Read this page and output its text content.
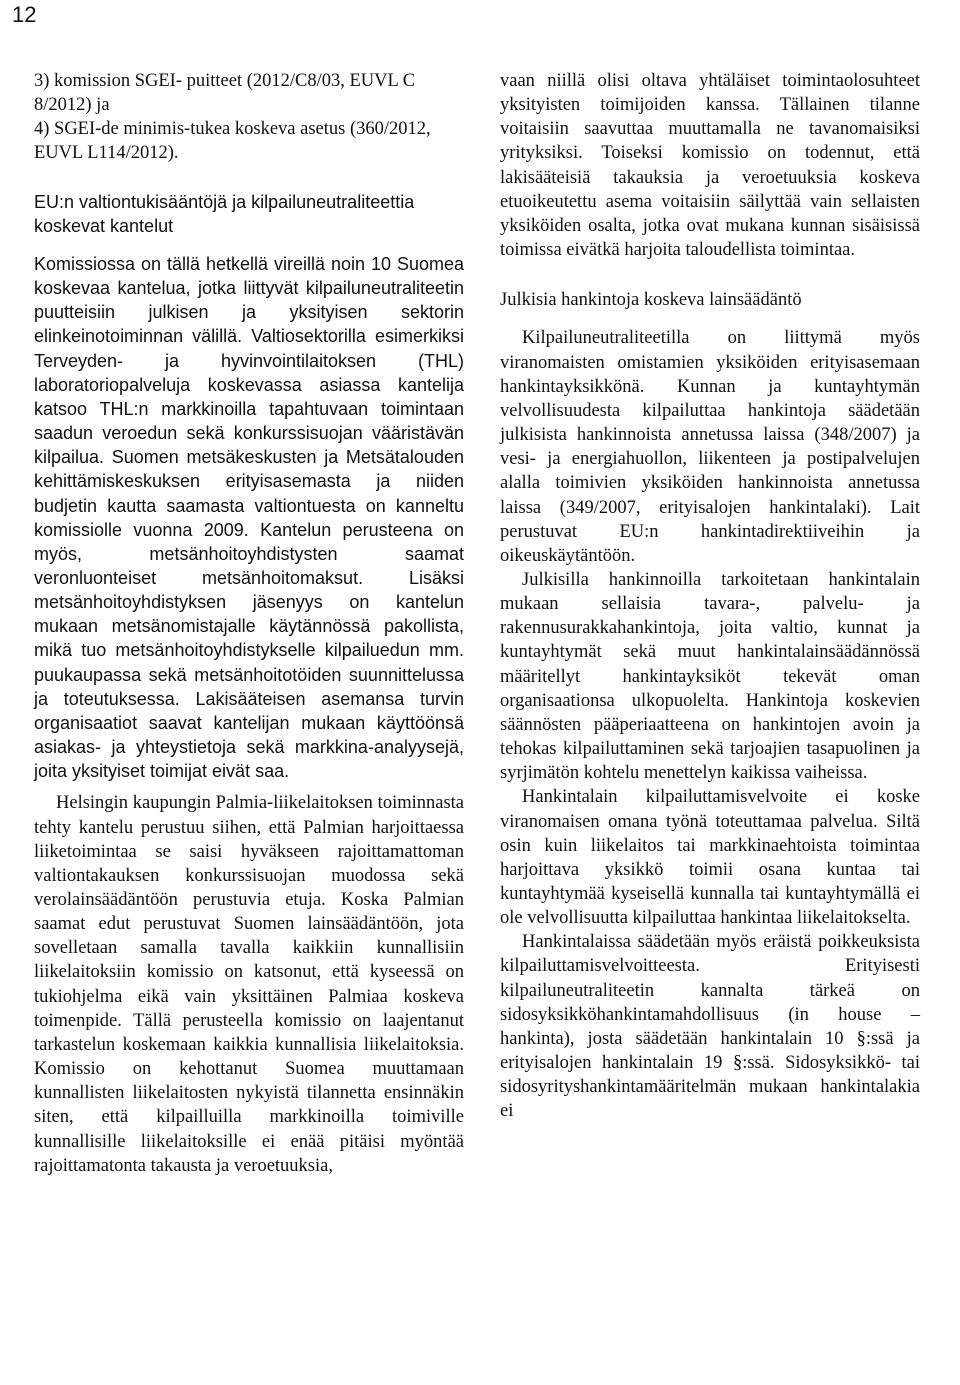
12

3) komission SGEI- puitteet (2012/C8/03, EUVL C 8/2012) ja

4) SGEI-de minimis-tukea koskeva asetus (360/2012, EUVL L114/2012).

EU:n valtiontukisääntöjä ja kilpailuneutraliteettia koskevat kantelut

Komissiossa on tällä hetkellä vireillä noin 10 Suomea koskevaa kantelua, jotka liittyvät kilpailuneutraliteetin puutteisiin julkisen ja yksityisen sektorin elinkeinotoiminnan välillä. Valtiosektorilla esimerkiksi Terveyden- ja hyvinvointilaitoksen (THL) laboratoriopalveluja koskevassa asiassa kantelija katsoo THL:n markkinoilla tapahtuvaan toimintaan saadun veroedun sekä konkurssisuojan vääristävän kilpailua. Suomen metsäkeskusten ja Metsätalouden kehittämiskeskuksen erityisasemasta ja niiden budjetin kautta saamasta valtiontuesta on kanneltu komissiolle vuonna 2009. Kantelun perusteena on myös, metsänhoitoyhdistysten saamat veronluonteiset metsänhoitomaksut. Lisäksi metsänhoitoyhdistyksen jäsenyys on kantelun mukaan metsänomistajalle käytännössä pakollista, mikä tuo metsänhoitoyhdistykselle kilpailuedun mm. puukaupassa sekä metsänhoitotöiden suunnittelussa ja toteutuksessa. Lakisääteisen asemansa turvin organisaatiot saavat kantelijan mukaan käyttöönsä asiakas- ja yhteystietoja sekä markkina-analyysejä, joita yksityiset toimijat eivät saa.

Helsingin kaupungin Palmia-liikelaitoksen toiminnasta tehty kantelu perustuu siihen, että Palmian harjoittaessa liiketoimintaa se saisi hyväkseen rajoittamattoman valtiontakauksen konkurssisuojan muodossa sekä verolainsäädäntöön perustuvia etuja. Koska Palmian saamat edut perustuvat Suomen lainsäädäntöön, jota sovelletaan samalla tavalla kaikkiin kunnallisiin liikelaitoksiin komissio on katsonut, että kyseessä on tukiohjelma eikä vain yksittäinen Palmiaa koskeva toimenpide. Tällä perusteella komissio on laajentanut tarkastelun koskemaan kaikkia kunnallisia liikelaitoksia. Komissio on kehottanut Suomea muuttamaan kunnallisten liikelaitosten nykyistä tilannetta ensinnäkin siten, että kilpailluilla markkinoilla toimiville kunnallisille liikelaitoksille ei enää pitäisi myöntää rajoittamatonta takausta ja veroetuuksia,

vaan niillä olisi oltava yhtäläiset toimintaolosuhteet yksityisten toimijoiden kanssa. Tällainen tilanne voitaisiin saavuttaa muuttamalla ne tavanomaisiksi yrityksiksi. Toiseksi komissio on todennut, että lakisääteisiä takauksia ja veroetuuksia koskeva etuoikeutettu asema voitaisiin säilyttää vain sellaisten yksiköiden osalta, jotka ovat mukana kunnan sisäisissä toimissa eivätkä harjoita taloudellista toimintaa.

Julkisia hankintoja koskeva lainsäädäntö

Kilpailuneutraliteetilla on liittymä myös viranomaisten omistamien yksiköiden erityisasemaan hankintayksikkönä. Kunnan ja kuntayhtymän velvollisuudesta kilpailuttaa hankintoja säädetään julkisista hankinnoista annetussa laissa (348/2007) ja vesi- ja energiahuollon, liikenteen ja postipalvelujen alalla toimivien yksiköiden hankinnoista annetussa laissa (349/2007, erityisalojen hankintalaki). Lait perustuvat EU:n hankintadirektiiveihin ja oikeuskäytäntöön.

Julkisilla hankinnoilla tarkoitetaan hankintalain mukaan sellaisia tavara-, palvelu- ja rakennusurakkahankintoja, joita valtio, kunnat ja kuntayhtymät sekä muut hankintalainsäädännössä määritellyt hankintayksiköt tekevät oman organisaationsa ulkopuolelta. Hankintoja koskevien säännösten pääperiaatteena on hankintojen avoin ja tehokas kilpailuttaminen sekä tarjoajien tasapuolinen ja syrjimätön kohtelu menettelyn kaikissa vaiheissa.

Hankintalain kilpailuttamisvelvoite ei koske viranomaisen omana työnä toteuttamaa palvelua. Siltä osin kuin liikelaitos tai markkinaehtoista toimintaa harjoittava yksikkö toimii osana kuntaa tai kuntayhtymää kyseisellä kunnalla tai kuntayhtymällä ei ole velvollisuutta kilpailuttaa hankintaa liikelaitokselta.

Hankintalaissa säädetään myös eräistä poikkeuksista kilpailuttamisvelvoitteesta. Erityisesti kilpailuneutraliteetin kannalta tärkeä on sidosyksikköhankintamahdollisuus (in house – hankinta), josta säädetään hankintalain 10 §:ssä ja erityisalojen hankintalain 19 §:ssä. Sidosyksikkö- tai sidosyrityshankintamääritelmän mukaan hankintalakia ei
